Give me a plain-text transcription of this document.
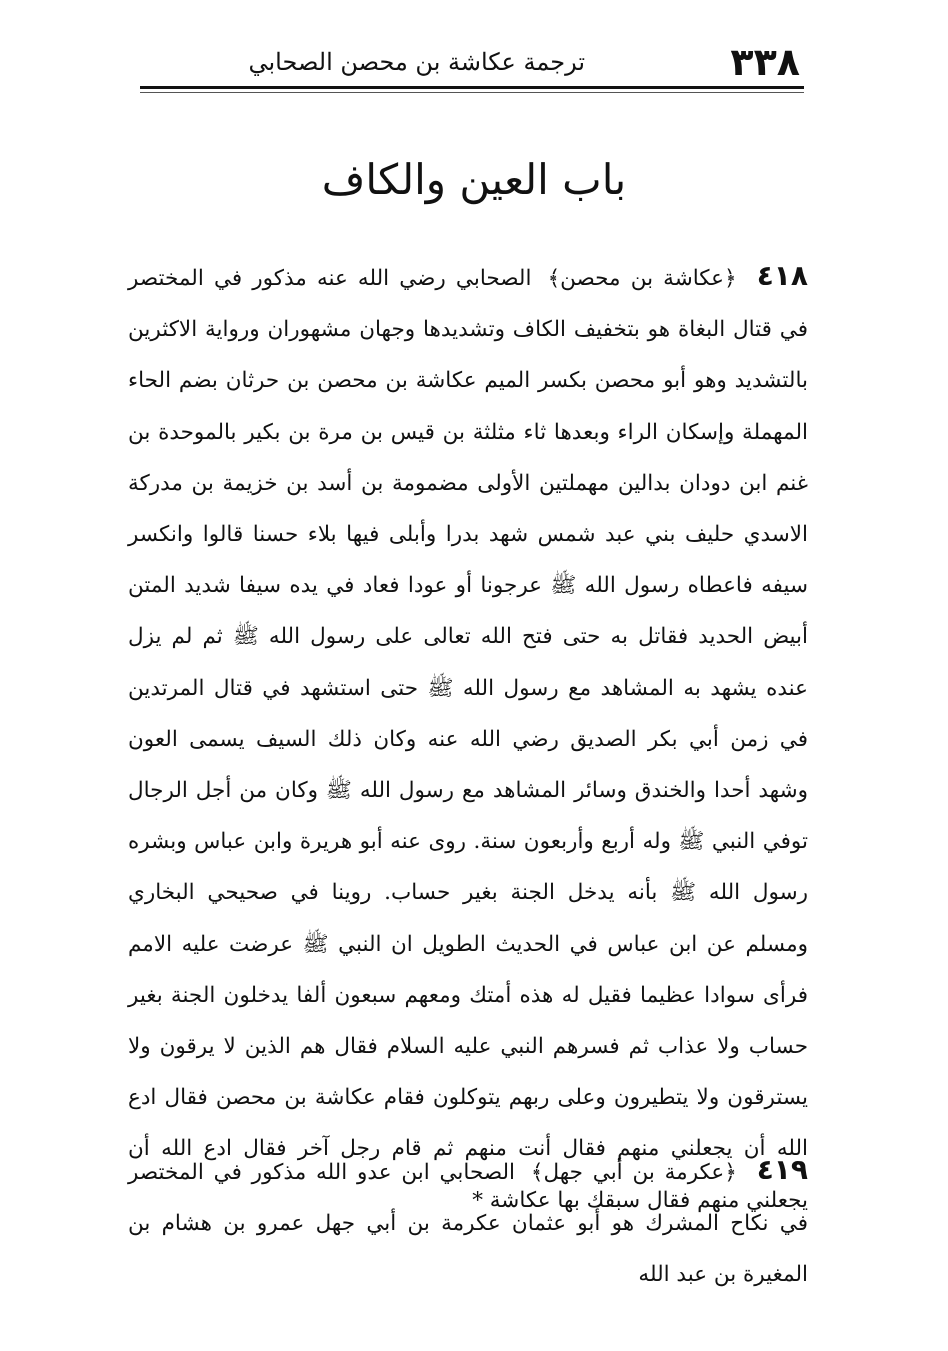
٣٣٨
ترجمة عكاشة بن محصن الصحابي
باب العين والكاف
٤١٨ ﴿عكاشة بن محصن﴾ الصحابي رضي الله عنه مذكور في المختصر في قتال البغاة هو بتخفيف الكاف وتشديدها وجهان مشهوران ورواية الاكثرين بالتشديد وهو أبو محصن بكسر الميم عكاشة بن محصن بن حرثان بضم الحاء المهملة وإسكان الراء وبعدها ثاء مثلثة بن قيس بن مرة بن بكير بالموحدة بن غنم ابن دودان بدالين مهملتين الأولى مضمومة بن أسد بن خزيمة بن مدركة الاسدي حليف بني عبد شمس شهد بدرا وأبلى فيها بلاء حسنا قالوا وانكسر سيفه فاعطاه رسول الله ﷺ عرجونا أو عودا فعاد في يده سيفا شديد المتن أبيض الحديد فقاتل به حتى فتح الله تعالى على رسول الله ﷺ ثم لم يزل عنده يشهد به المشاهد مع رسول الله ﷺ حتى استشهد في قتال المرتدين في زمن أبي بكر الصديق رضي الله عنه وكان ذلك السيف يسمى العون وشهد أحدا والخندق وسائر المشاهد مع رسول الله ﷺ وكان من أجل الرجال توفي النبي ﷺ وله أربع وأربعون سنة. روى عنه أبو هريرة وابن عباس وبشره رسول الله ﷺ بأنه يدخل الجنة بغير حساب. روينا في صحيحي البخاري ومسلم عن ابن عباس في الحديث الطويل ان النبي ﷺ عرضت عليه الامم فرأى سوادا عظيما فقيل له هذه أمتك ومعهم سبعون ألفا يدخلون الجنة بغير حساب ولا عذاب ثم فسرهم النبي عليه السلام فقال هم الذين لا يرقون ولا يسترقون ولا يتطيرون وعلى ربهم يتوكلون فقام عكاشة بن محصن فقال ادع الله أن يجعلني منهم فقال أنت منهم ثم قام رجل آخر فقال ادع الله أن يجعلني منهم فقال سبقك بها عكاشة *
٤١٩ ﴿عكرمة بن أبي جهل﴾ الصحابي ابن عدو الله مذكور في المختصر في نكاح المشرك هو أبو عثمان عكرمة بن أبي جهل عمرو بن هشام بن المغيرة بن عبد الله
